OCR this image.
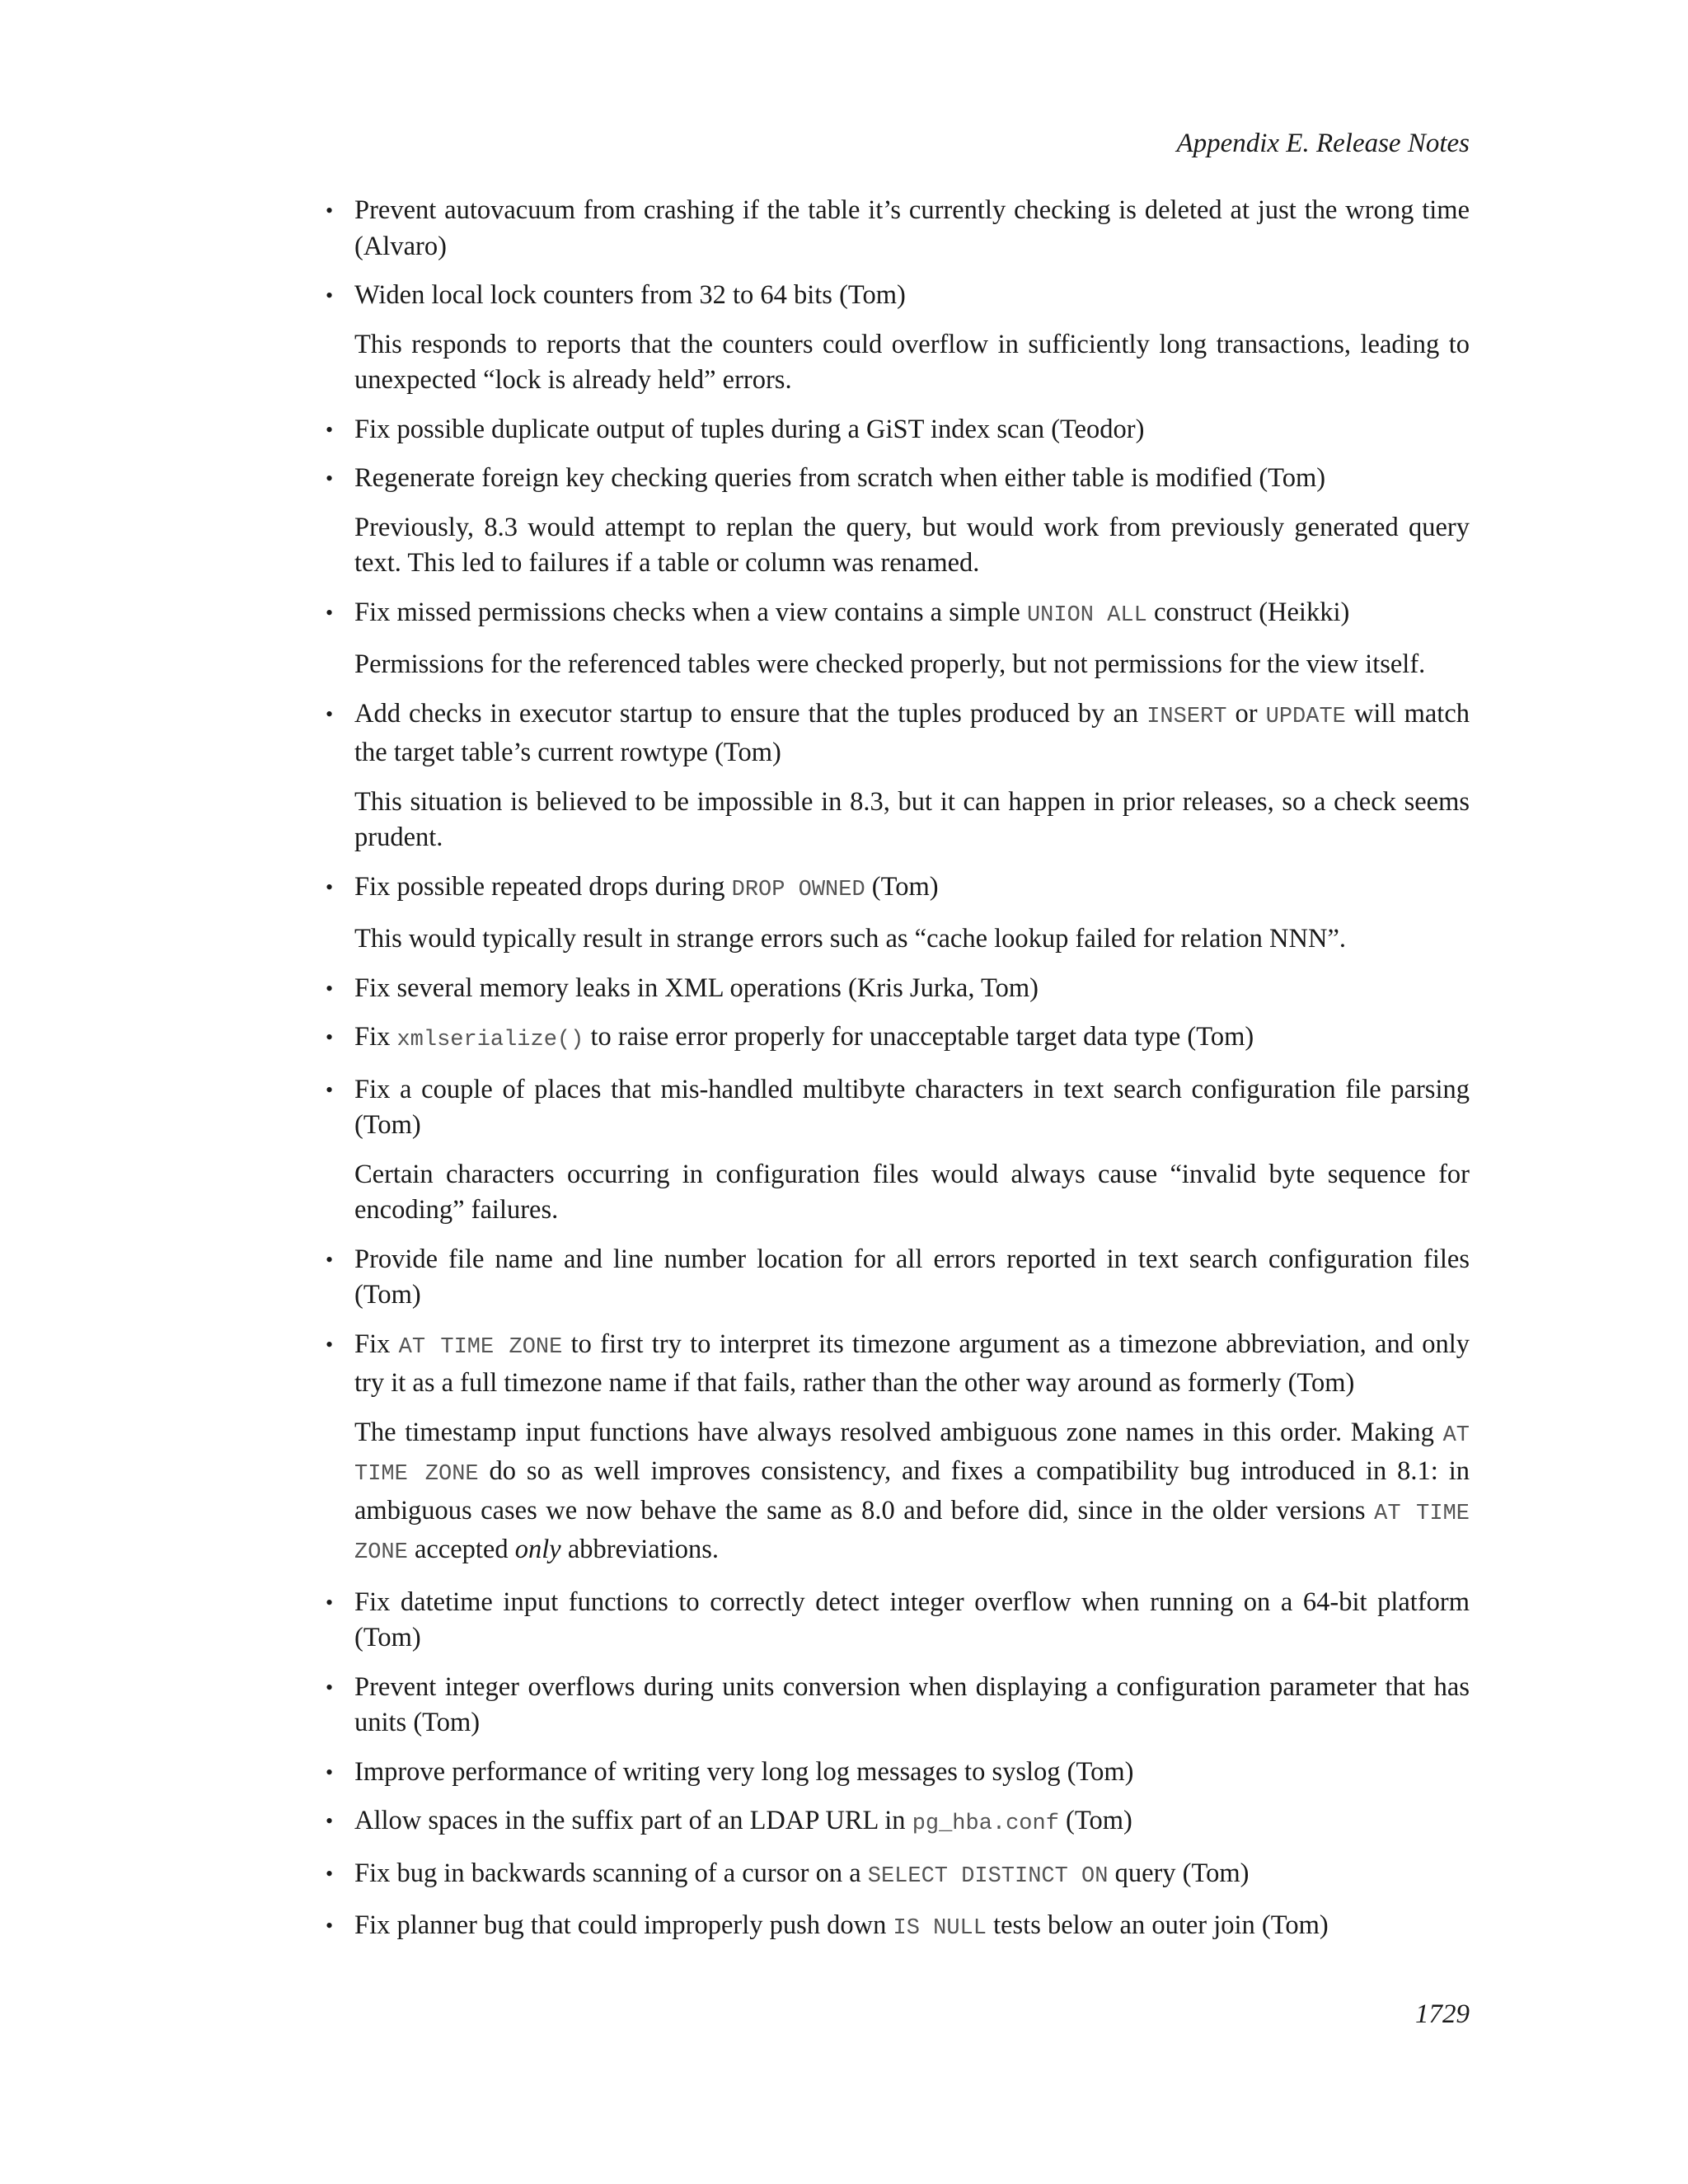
Appendix E. Release Notes
• Prevent autovacuum from crashing if the table it’s currently checking is deleted at just the wrong time (Alvaro)

• Widen local lock counters from 32 to 64 bits (Tom)

This responds to reports that the counters could overflow in sufficiently long transactions, leading to unexpected “lock is already held” errors.

• Fix possible duplicate output of tuples during a GiST index scan (Teodor)

• Regenerate foreign key checking queries from scratch when either table is modified (Tom)

Previously, 8.3 would attempt to replan the query, but would work from previously generated query text. This led to failures if a table or column was renamed.

• Fix missed permissions checks when a view contains a simple UNION ALL construct (Heikki)

Permissions for the referenced tables were checked properly, but not permissions for the view itself.

• Add checks in executor startup to ensure that the tuples produced by an INSERT or UPDATE will match the target table’s current rowtype (Tom)

This situation is believed to be impossible in 8.3, but it can happen in prior releases, so a check seems prudent.

• Fix possible repeated drops during DROP OWNED (Tom)

This would typically result in strange errors such as “cache lookup failed for relation NNN”.

• Fix several memory leaks in XML operations (Kris Jurka, Tom)

• Fix xmlserialize() to raise error properly for unacceptable target data type (Tom)

• Fix a couple of places that mis-handled multibyte characters in text search configuration file parsing (Tom)

Certain characters occurring in configuration files would always cause “invalid byte sequence for encoding” failures.

• Provide file name and line number location for all errors reported in text search configuration files (Tom)

• Fix AT TIME ZONE to first try to interpret its timezone argument as a timezone abbreviation, and only try it as a full timezone name if that fails, rather than the other way around as formerly (Tom)

The timestamp input functions have always resolved ambiguous zone names in this order. Making AT TIME ZONE do so as well improves consistency, and fixes a compatibility bug introduced in 8.1: in ambiguous cases we now behave the same as 8.0 and before did, since in the older versions AT TIME ZONE accepted only abbreviations.

• Fix datetime input functions to correctly detect integer overflow when running on a 64-bit platform (Tom)

• Prevent integer overflows during units conversion when displaying a configuration parameter that has units (Tom)

• Improve performance of writing very long log messages to syslog (Tom)

• Allow spaces in the suffix part of an LDAP URL in pg_hba.conf (Tom)

• Fix bug in backwards scanning of a cursor on a SELECT DISTINCT ON query (Tom)

• Fix planner bug that could improperly push down IS NULL tests below an outer join (Tom)

1729
